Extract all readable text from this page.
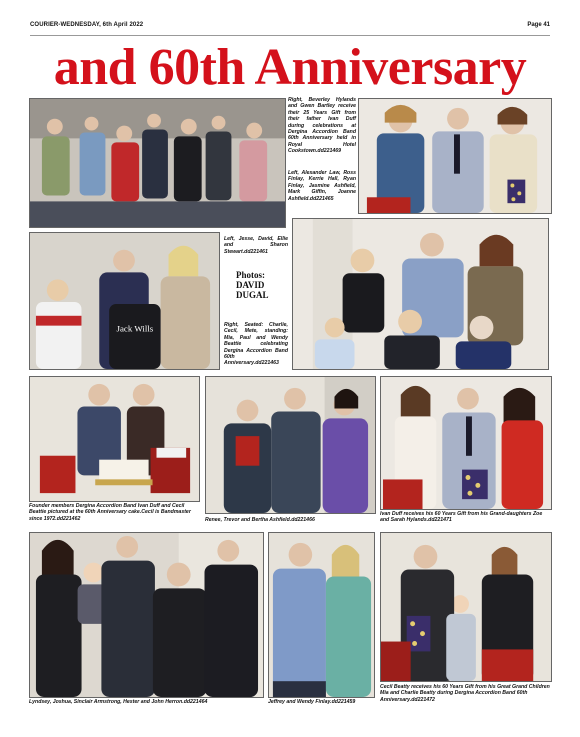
COURIER-WEDNESDAY, 6th April 2022	Page 41
and 60th Anniversary
Right, Beverley Hylands and Gwen Bartley receive their 25 Years Gift from their father Ivan Duff during celebrations at Dergina Accordion Band 60th Anniversary held in Royal Hotel Cookstown.dd221469
Left, Alexander Law, Ross Finlay, Kerrie Hall, Ryan Finlay, Jasmine Ashfield, Mark Giffin, Joanne Ashfield.dd221465
Jack Wills
Left, Jesse, David, Ellie and Sharon Stewart.dd221461
Photos:
DAVID
DUGAL
Right, Seated: Charlie, Cecil, Mete, standing: Mia, Paul and Wendy Beattie celebrating Dergina Accordion Band 60th Anniversary.dd221463
Founder members Dergina Accordion Band Ivan Duff and Cecil Beattie pictured at the 60th Anniversary cake.Cecil is Bandmaster since 1972.dd221462	Renee, Trevor and Bertha Ashfield.dd221466
Ivan Duff receives his 60 Years Gift from his Grand-daughters Zoe and Sarah Hylands.dd221471
Lyndsey, Joshua, Sinclair Armstrong, Hester and John Herron.dd221464	Jeffrey and Wendy Finlay.dd221459
Cecil Beatty receives his 60 Years Gift from his Great Grand Children Mia and Charlie Beatty during Dergina Accordion Band 60th Anniversary.dd221472
